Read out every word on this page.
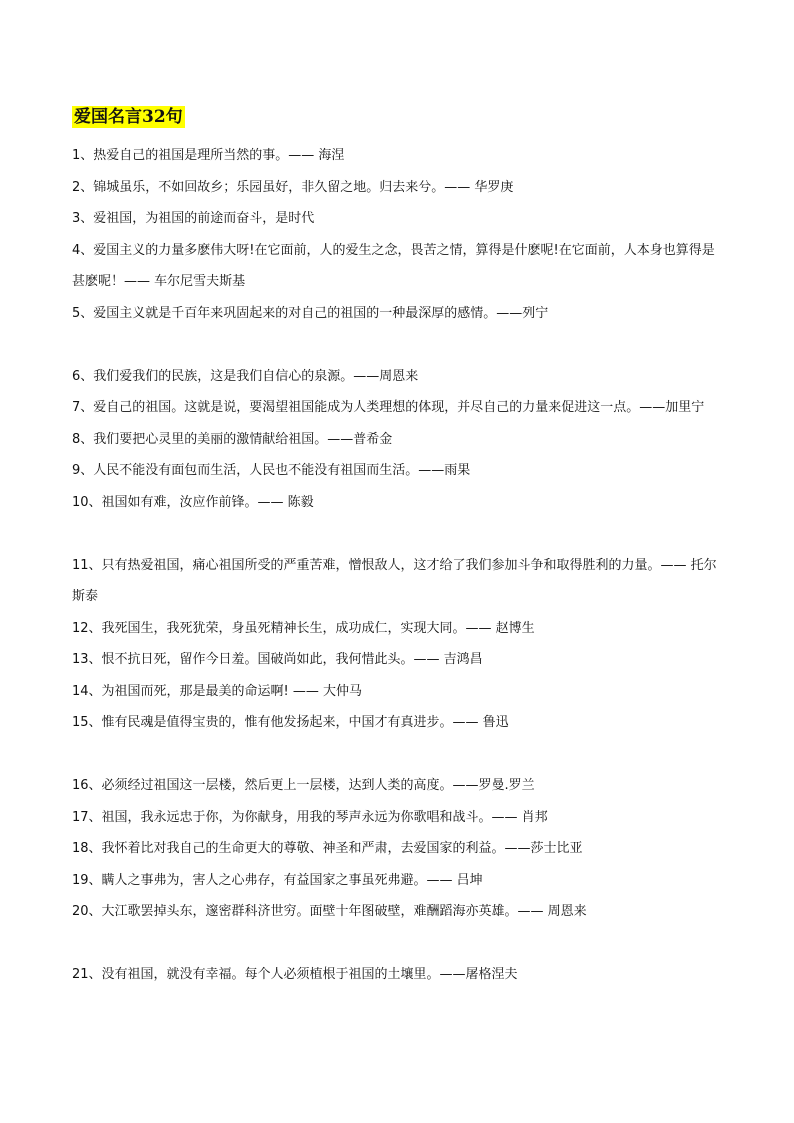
爱国名言32句
1、热爱自己的祖国是理所当然的事。—— 海涅
2、锦城虽乐，不如回故乡；乐园虽好，非久留之地。归去来兮。—— 华罗庚
3、爱祖国，为祖国的前途而奋斗，是时代
4、爱国主义的力量多麽伟大呀!在它面前，人的爱生之念，畏苦之情，算得是什麽呢!在它面前，人本身也算得是甚麽呢！—— 车尔尼雪夫斯基
5、爱国主义就是千百年来巩固起来的对自己的祖国的一种最深厚的感情。——列宁
6、我们爱我们的民族，这是我们自信心的泉源。——周恩来
7、爱自己的祖国。这就是说，要渴望祖国能成为人类理想的体现，并尽自己的力量来促进这一点。——加里宁
8、我们要把心灵里的美丽的激情献给祖国。——普希金
9、人民不能没有面包而生活，人民也不能没有祖国而生活。——雨果
10、祖国如有难，汝应作前锋。—— 陈毅
11、只有热爱祖国，痛心祖国所受的严重苦难，憎恨敌人，这才给了我们参加斗争和取得胜利的力量。—— 托尔斯泰
12、我死国生，我死犹荣，身虽死精神长生，成功成仁，实现大同。—— 赵博生
13、恨不抗日死，留作今日羞。国破尚如此，我何惜此头。—— 吉鸿昌
14、为祖国而死，那是最美的命运啊! —— 大仲马
15、惟有民魂是值得宝贵的，惟有他发扬起来，中国才有真进步。—— 鲁迅
16、必须经过祖国这一层楼，然后更上一层楼，达到人类的高度。——罗曼.罗兰
17、祖国，我永远忠于你，为你献身，用我的琴声永远为你歌唱和战斗。—— 肖邦
18、我怀着比对我自己的生命更大的尊敬、神圣和严肃，去爱国家的利益。——莎士比亚
19、瞒人之事弗为，害人之心弗存，有益国家之事虽死弗避。—— 吕坤
20、大江歌罢掉头东，邃密群科济世穷。面壁十年图破壁，难酬蹈海亦英雄。—— 周恩来
21、没有祖国，就没有幸福。每个人必须植根于祖国的土壤里。——屠格涅夫
